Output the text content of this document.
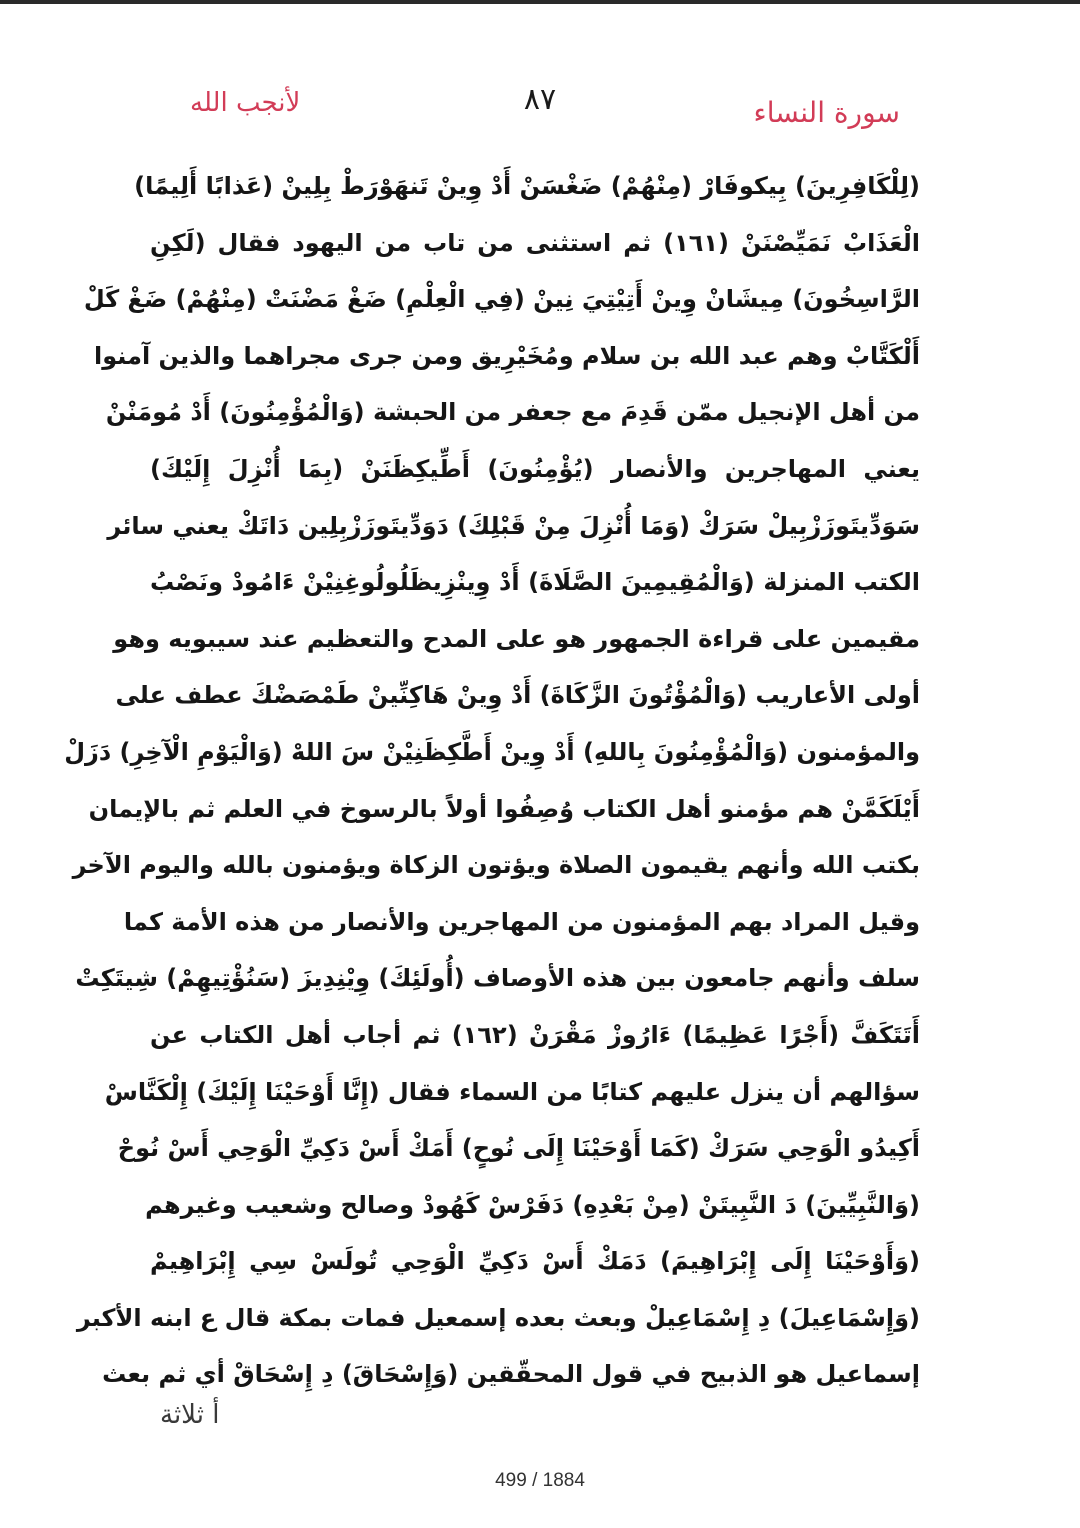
لأنجب الله	٨٧	سورة النساء
(لِلْكَافِرِينَ) بِيكوفَارْ (مِنْهُمْ) ضَغْسَنْ أَدْ وِينْ تَنهَوْرَطْ بِلِينْ (عَذابًا أَلِيمًا)
الْعَذَابْ نَمَيِّصْنَنْ (١٦١) ثم استثنى من تاب من اليهود فقال (لَكِنِ
الرَّاسِخُونَ) مِيشَانْ وِينْ أَتِيْتِيَ نِينْ (فِي الْعِلْمِ) ضَغْ مَضْنَتْ (مِنْهُمْ) ضَغْ كَلْ
أَلْكَتَّابْ وهم عبد الله بن سلام ومُخَيْرِيق ومن جرى مجراهما والذين آمنوا
من أهل الإنجيل ممّن قَدِمَ مع جعفر من الحبشة (وَالْمُؤْمِنُونَ) أَدْ مُومَنْنْ
يعني المهاجرين والأنصار (يُؤْمِنُونَ) أَطِّيكِظَنَنْ (بِمَا أُنْزِلَ إِلَيْكَ)
سَوَدِّيتَوزَزْبِيلْ سَرَكْ (وَمَا أُنْزِلَ مِنْ قَبْلِكَ) دَوَدِّيتَوزَزْبِلِين دَاتَكْ يعني سائر
الكتب المنزلة (وَالْمُقِيمِينَ الصَّلَاةَ) أَدْ وِينْزِيظَلُولُوغِنِيْنْ ءَامُودْ ونَصْبُ
مقيمين على قراءة الجمهور هو على المدح والتعظيم عند سيبويه وهو
أولى الأعاريب (وَالْمُؤْتُونَ الزَّكَاةَ) أَدْ وِينْ هَاكِنِّينْ طَمْصَضْكَ عطف على
والمؤمنون (وَالْمُؤْمِنُونَ بِاللهِ) أَدْ وِينْ أَطَّكِظَنِيْنْ سَ اللهْ (وَالْيَوْمِ الْآخِرِ) دَزَلْ
أَيْلَكَمَّنْ هم مؤمنو أهل الكتاب وُصِفُوا أولاً بالرسوخ في العلم ثم بالإيمان
بكتب الله وأنهم يقيمون الصلاة ويؤتون الزكاة ويؤمنون بالله واليوم الآخر
وقيل المراد بهم المؤمنون من المهاجرين والأنصار من هذه الأمة كما
سلف وأنهم جامعون بين هذه الأوصاف (أُولَئِكَ) وِيْنِدِيزَ (سَنُؤْتِيهِمْ) شِيتَكِتْ
أَتَتَكَفَّ (أَجْرًا عَظِيمًا) ءَارُوزْ مَقْرَنْ (١٦٢) ثم أجاب أهل الكتاب عن
سؤالهم أن ينزل عليهم كتابًا من السماء فقال (إِنَّا أَوْحَيْنَا إِلَيْكَ) إِلْكَنَّاسْ
أَكِيدُو الْوَحِي سَرَكْ (كَمَا أَوْحَيْنَا إِلَى نُوحٍ) أَمَكْ أَسْ دَكِيِّ الْوَحِي أَسْ نُوحْ
(وَالنَّبِيِّينَ) دَ النَّبِيتَنْ (مِنْ بَعْدِهِ) دَفَرْسْ كَهُودْ وصالح وشعيب وغيرهم
(وَأَوْحَيْنَا إِلَى إِبْرَاهِيمَ) دَمَكْ أَسْ دَكِيِّ الْوَحِي تُولَسْ سِي إِبْرَاهِيمْ
(وَإِسْمَاعِيلَ) دِ إِسْمَاعِيلْ وبعث بعده إسمعيل فمات بمكة قال ع ابنه الأكبر
إسماعيل هو الذبيح في قول المحقّقين (وَإِسْحَاقَ) دِ إِسْحَاقْ أي ثم بعث
أ ثلاثة
499 / 1884
